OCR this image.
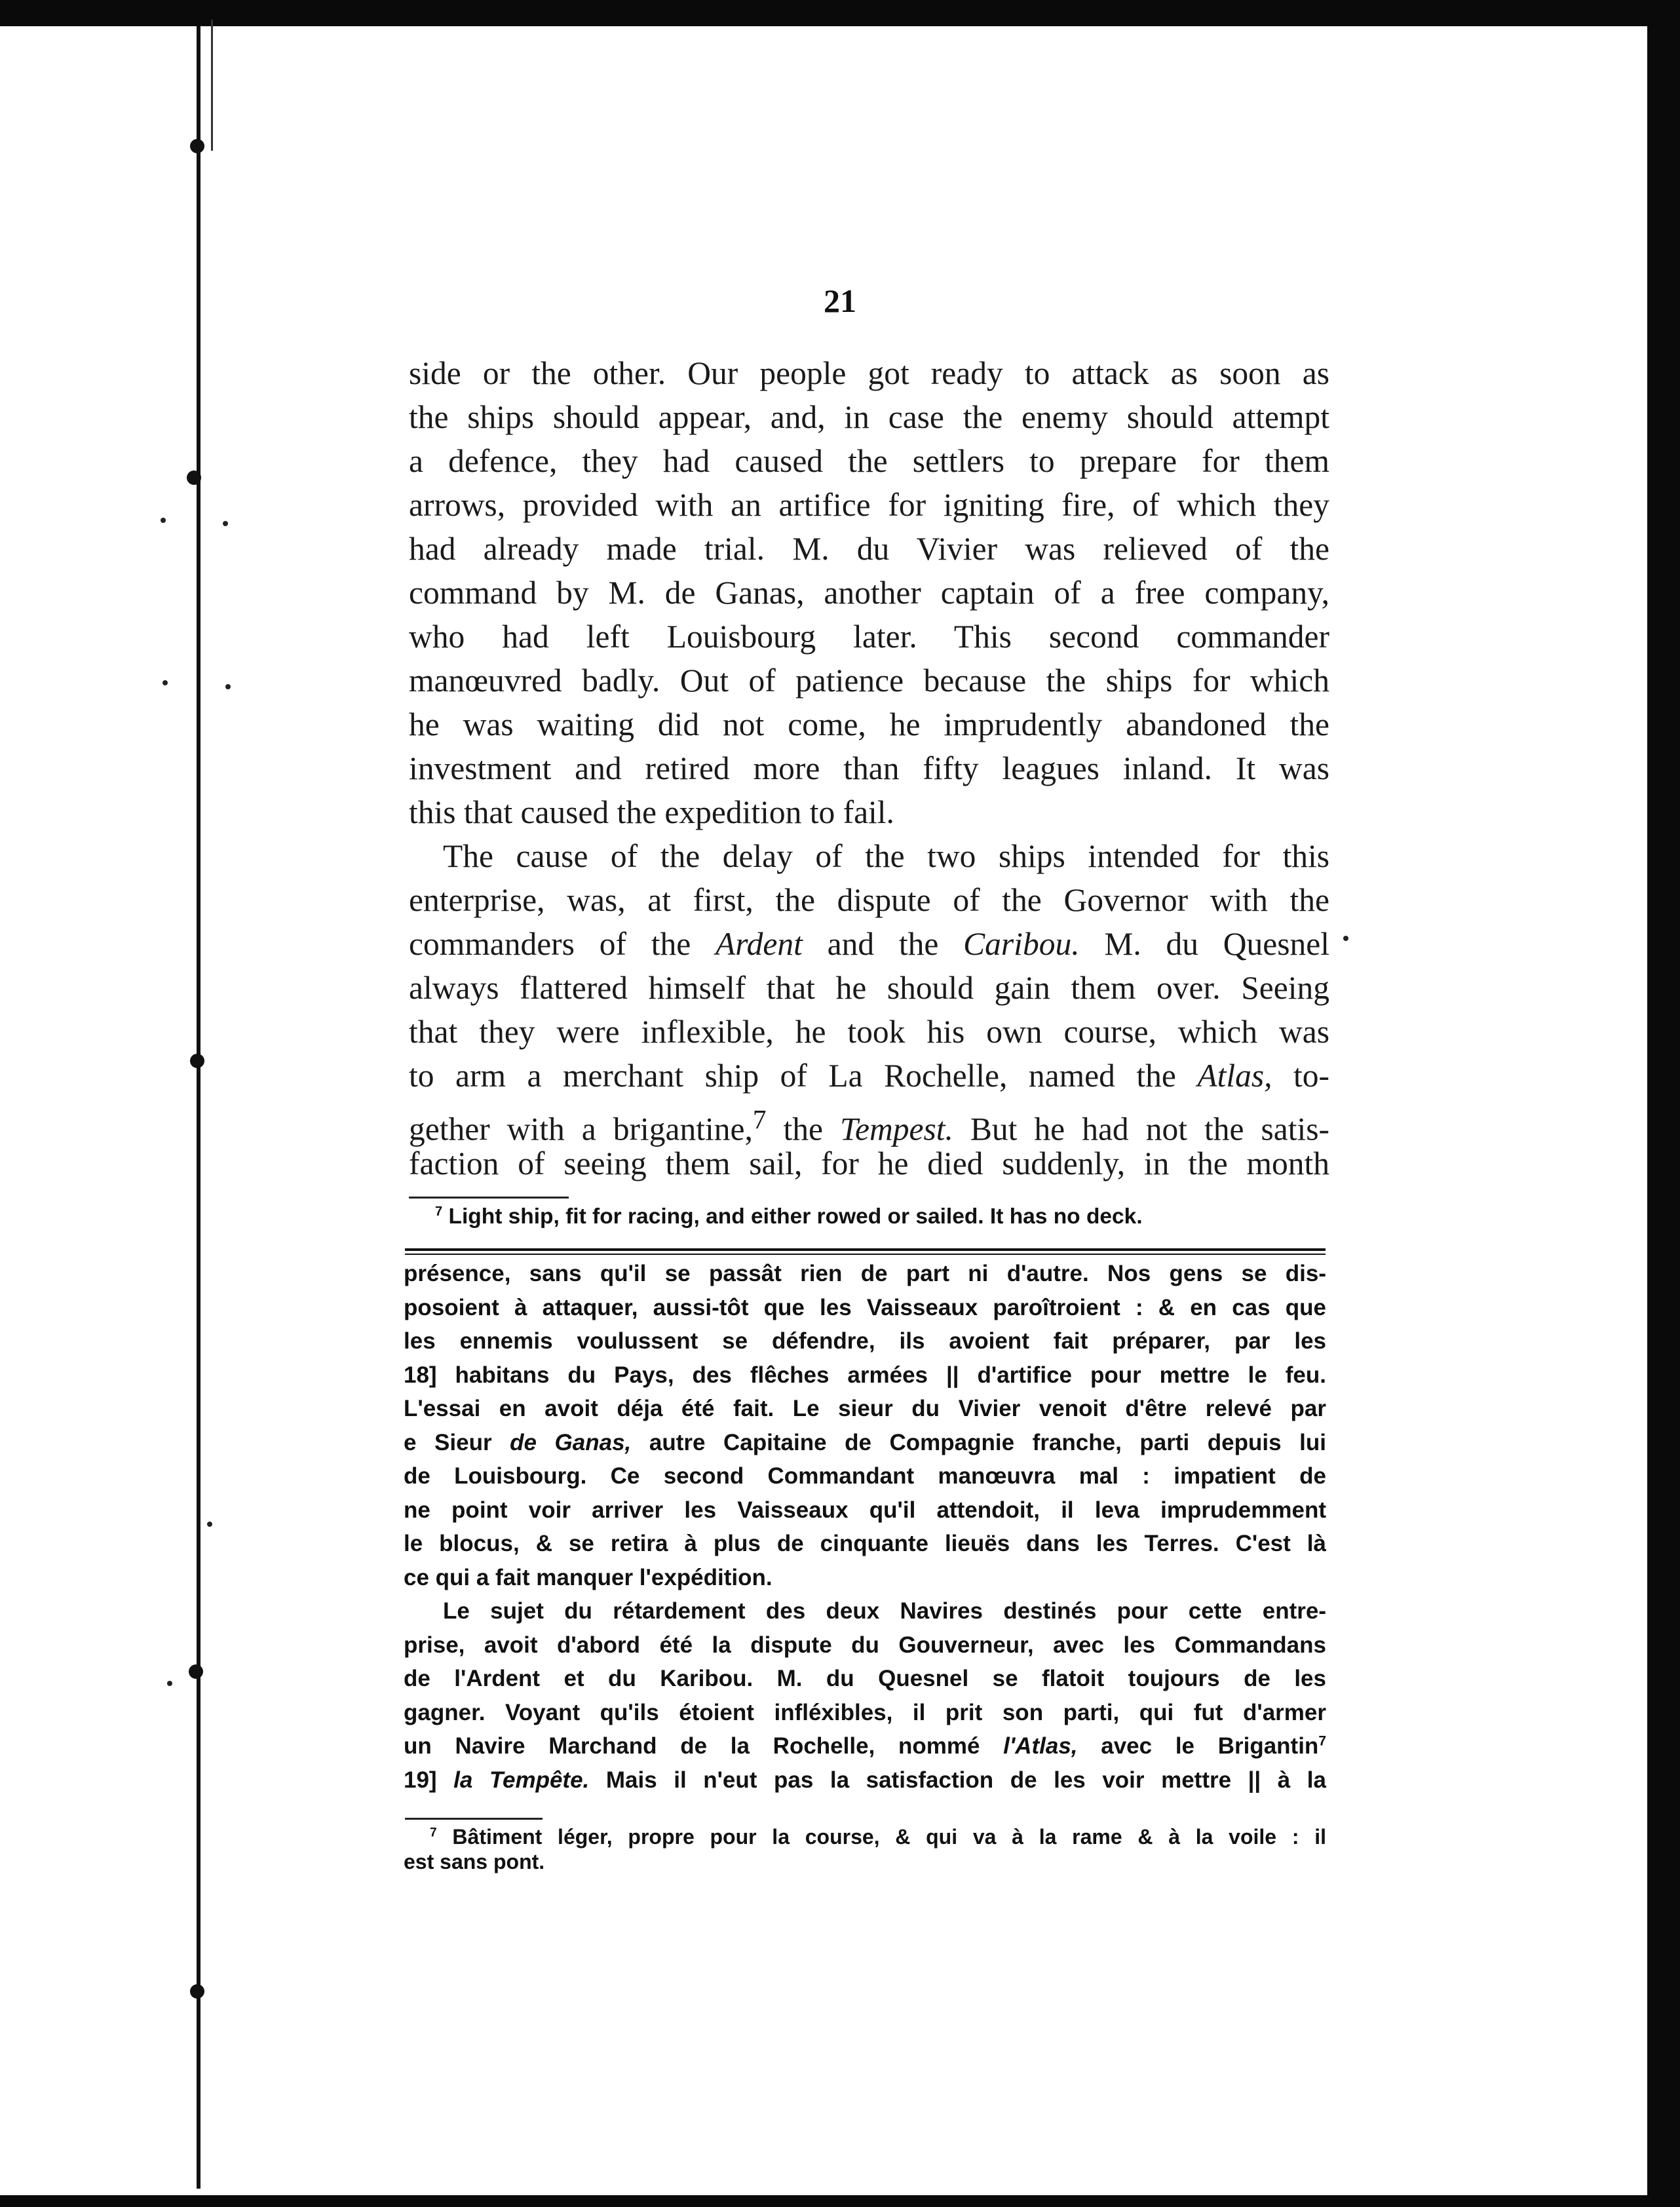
21
side or the other. Our people got ready to attack as soon as
the ships should appear, and, in case the enemy should attempt
a defence, they had caused the settlers to prepare for them
arrows, provided with an artifice for igniting fire, of which they
had already made trial. M. du Vivier was relieved of the
command by M. de Ganas, another captain of a free company,
who had left Louisbourg later. This second commander
manœuvred badly. Out of patience because the ships for which
he was waiting did not come, he imprudently abandoned the
investment and retired more than fifty leagues inland. It was
this that caused the expedition to fail.
The cause of the delay of the two ships intended for this
enterprise, was, at first, the dispute of the Governor with the
commanders of the Ardent and the Caribou. M. du Quesnel
always flattered himself that he should gain them over. Seeing
that they were inflexible, he took his own course, which was
to arm a merchant ship of La Rochelle, named the Atlas, to-
gether with a brigantine,$^7$ the Tempest. But he had not the satis-
faction of seeing them sail, for he died suddenly, in the month
$^7$ Light ship, fit for racing, and either rowed or sailed. It has no deck.
présence, sans qu'il se passât rien de part ni d'autre. Nos gens se dis-
posoient à attaquer, aussi-tôt que les Vaisseaux paroîtroient : & en cas que
les ennemis voulussent se défendre, ils avoient fait préparer, par les
18] habitans du Pays, des flêches armées || d'artifice pour mettre le feu.
L'essai en avoit déja été fait. Le sieur du Vivier venoit d'être relevé par
e Sieur de Ganas, autre Capitaine de Compagnie franche, parti depuis lui
de Louisbourg. Ce second Commandant manœuvra mal : impatient de
ne point voir arriver les Vaisseaux qu'il attendoit, il leva imprudemment
le blocus, & se retira à plus de cinquante lieuës dans les Terres. C'est là
ce qui a fait manquer l'expédition.
Le sujet du rétardement des deux Navires destinés pour cette entre-
prise, avoit d'abord été la dispute du Gouverneur, avec les Commandans
de l'Ardent et du Karibou. M. du Quesnel se flatoit toujours de les
gagner. Voyant qu'ils étoient infléxibles, il prit son parti, qui fut d'armer
un Navire Marchand de la Rochelle, nommé l'Atlas, avec le Brigantin$^7$
19] la Tempête. Mais il n'eut pas la satisfaction de les voir mettre || à la
$^7$ Bâtiment léger, propre pour la course, & qui va à la rame & à la voile : il
est sans pont.
